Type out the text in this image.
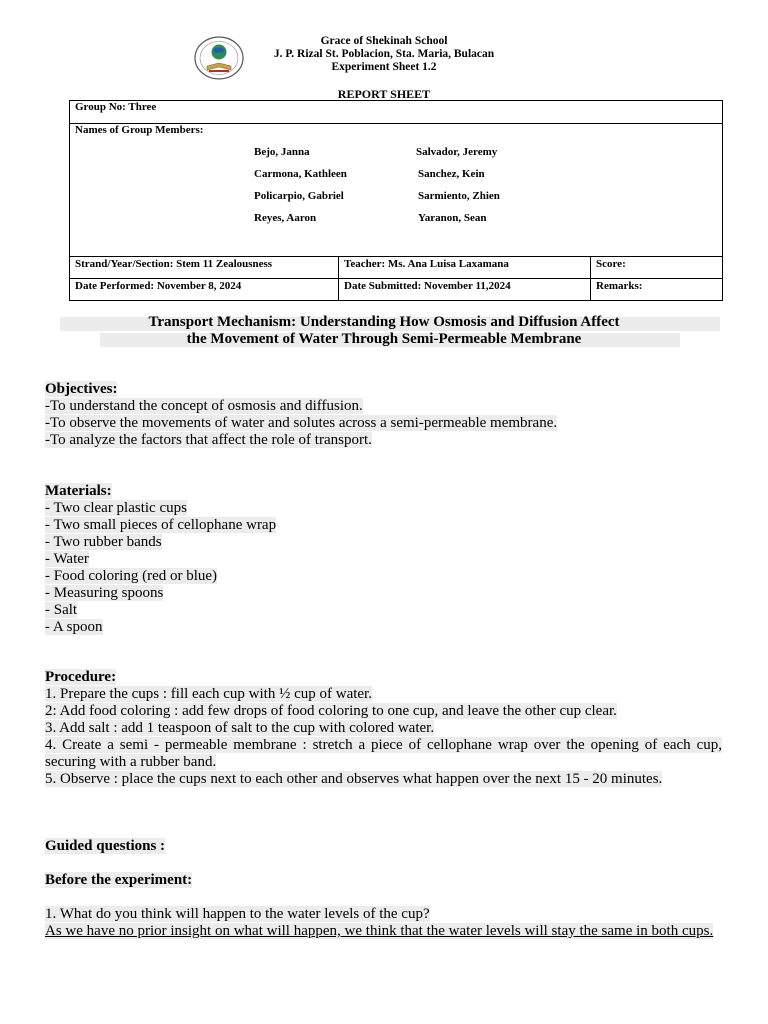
Grace of Shekinah School
J. P. Rizal St. Poblacion, Sta. Maria, Bulacan
Experiment Sheet 1.2
REPORT SHEET
Group No: Three
Names of Group Members:
Bejo, Janna	Salvador, Jeremy
Carmona, Kathleen	Sanchez, Kein
Policarpio, Gabriel	Sarmiento, Zhien
Reyes, Aaron	Yaranon, Sean
Strand/Year/Section: Stem 11 Zealousness	Teacher: Ms. Ana Luisa Laxamana	Score:
Date Performed: November 8, 2024	Date Submitted: November 11,2024	Remarks:
Transport Mechanism: Understanding How Osmosis and Diffusion Affect
the Movement of Water Through Semi-Permeable Membrane
Objectives:
-To understand the concept of osmosis and diffusion.
-To observe the movements of water and solutes across a semi-permeable membrane.
-To analyze the factors that affect the role of transport.
Materials:
- Two clear plastic cups
- Two small pieces of cellophane wrap
- Two rubber bands
- Water
- Food coloring (red or blue)
- Measuring spoons
- Salt
- A spoon
Procedure:
1. Prepare the cups : fill each cup with ½ cup of water.
2: Add food coloring : add few drops of food coloring to one cup, and leave the other cup clear.
3. Add salt : add 1 teaspoon of salt to the cup with colored water.
4. Create a semi - permeable membrane : stretch a piece of cellophane wrap over the opening of each cup, securing with a rubber band.
5. Observe : place the cups next to each other and observes what happen over the next 15 - 20 minutes.
Guided questions :
Before the experiment:
1. What do you think will happen to the water levels of the cup?
As we have no prior insight on what will happen, we think that the water levels will stay the same in both cups.
